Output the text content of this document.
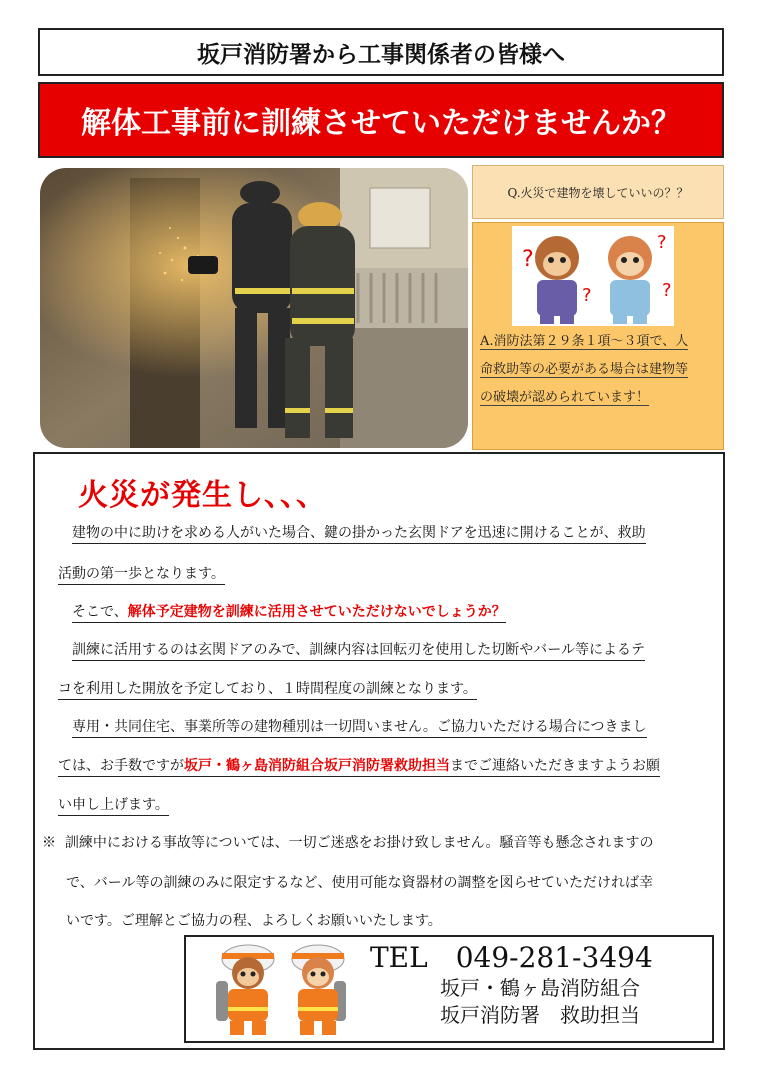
坂戸消防署から工事関係者の皆様へ
解体工事前に訓練させていただけませんか？
Q.火災で建物を壊していいの？？
?
?
?
?
A.消防法第２９条１項～３項で、人
命救助等の必要がある場合は建物等
の破壊が認められています！
火災が発生し、、、
建物の中に助けを求める人がいた場合、鍵の掛かった玄関ドアを迅速に開けることが、救助
活動の第一歩となります。
そこで、解体予定建物を訓練に活用させていただけないでしょうか？
訓練に活用するのは玄関ドアのみで、訓練内容は回転刃を使用した切断やバール等によるテ
コを利用した開放を予定しており、１時間程度の訓練となります。
専用・共同住宅、事業所等の建物種別は一切問いません。ご協力いただける場合につきまし
ては、お手数ですが坂戸・鶴ヶ島消防組合坂戸消防署救助担当までご連絡いただきますようお願
い申し上げます。
※ 訓練中における事故等については、一切ご迷惑をお掛け致しません。騒音等も懸念されますの
で、バール等の訓練のみに限定するなど、使用可能な資器材の調整を図らせていただければ幸
いです。ご理解とご協力の程、よろしくお願いいたします。
TEL　049-281-3494
坂戸・鶴ヶ島消防組合
坂戸消防署　救助担当
